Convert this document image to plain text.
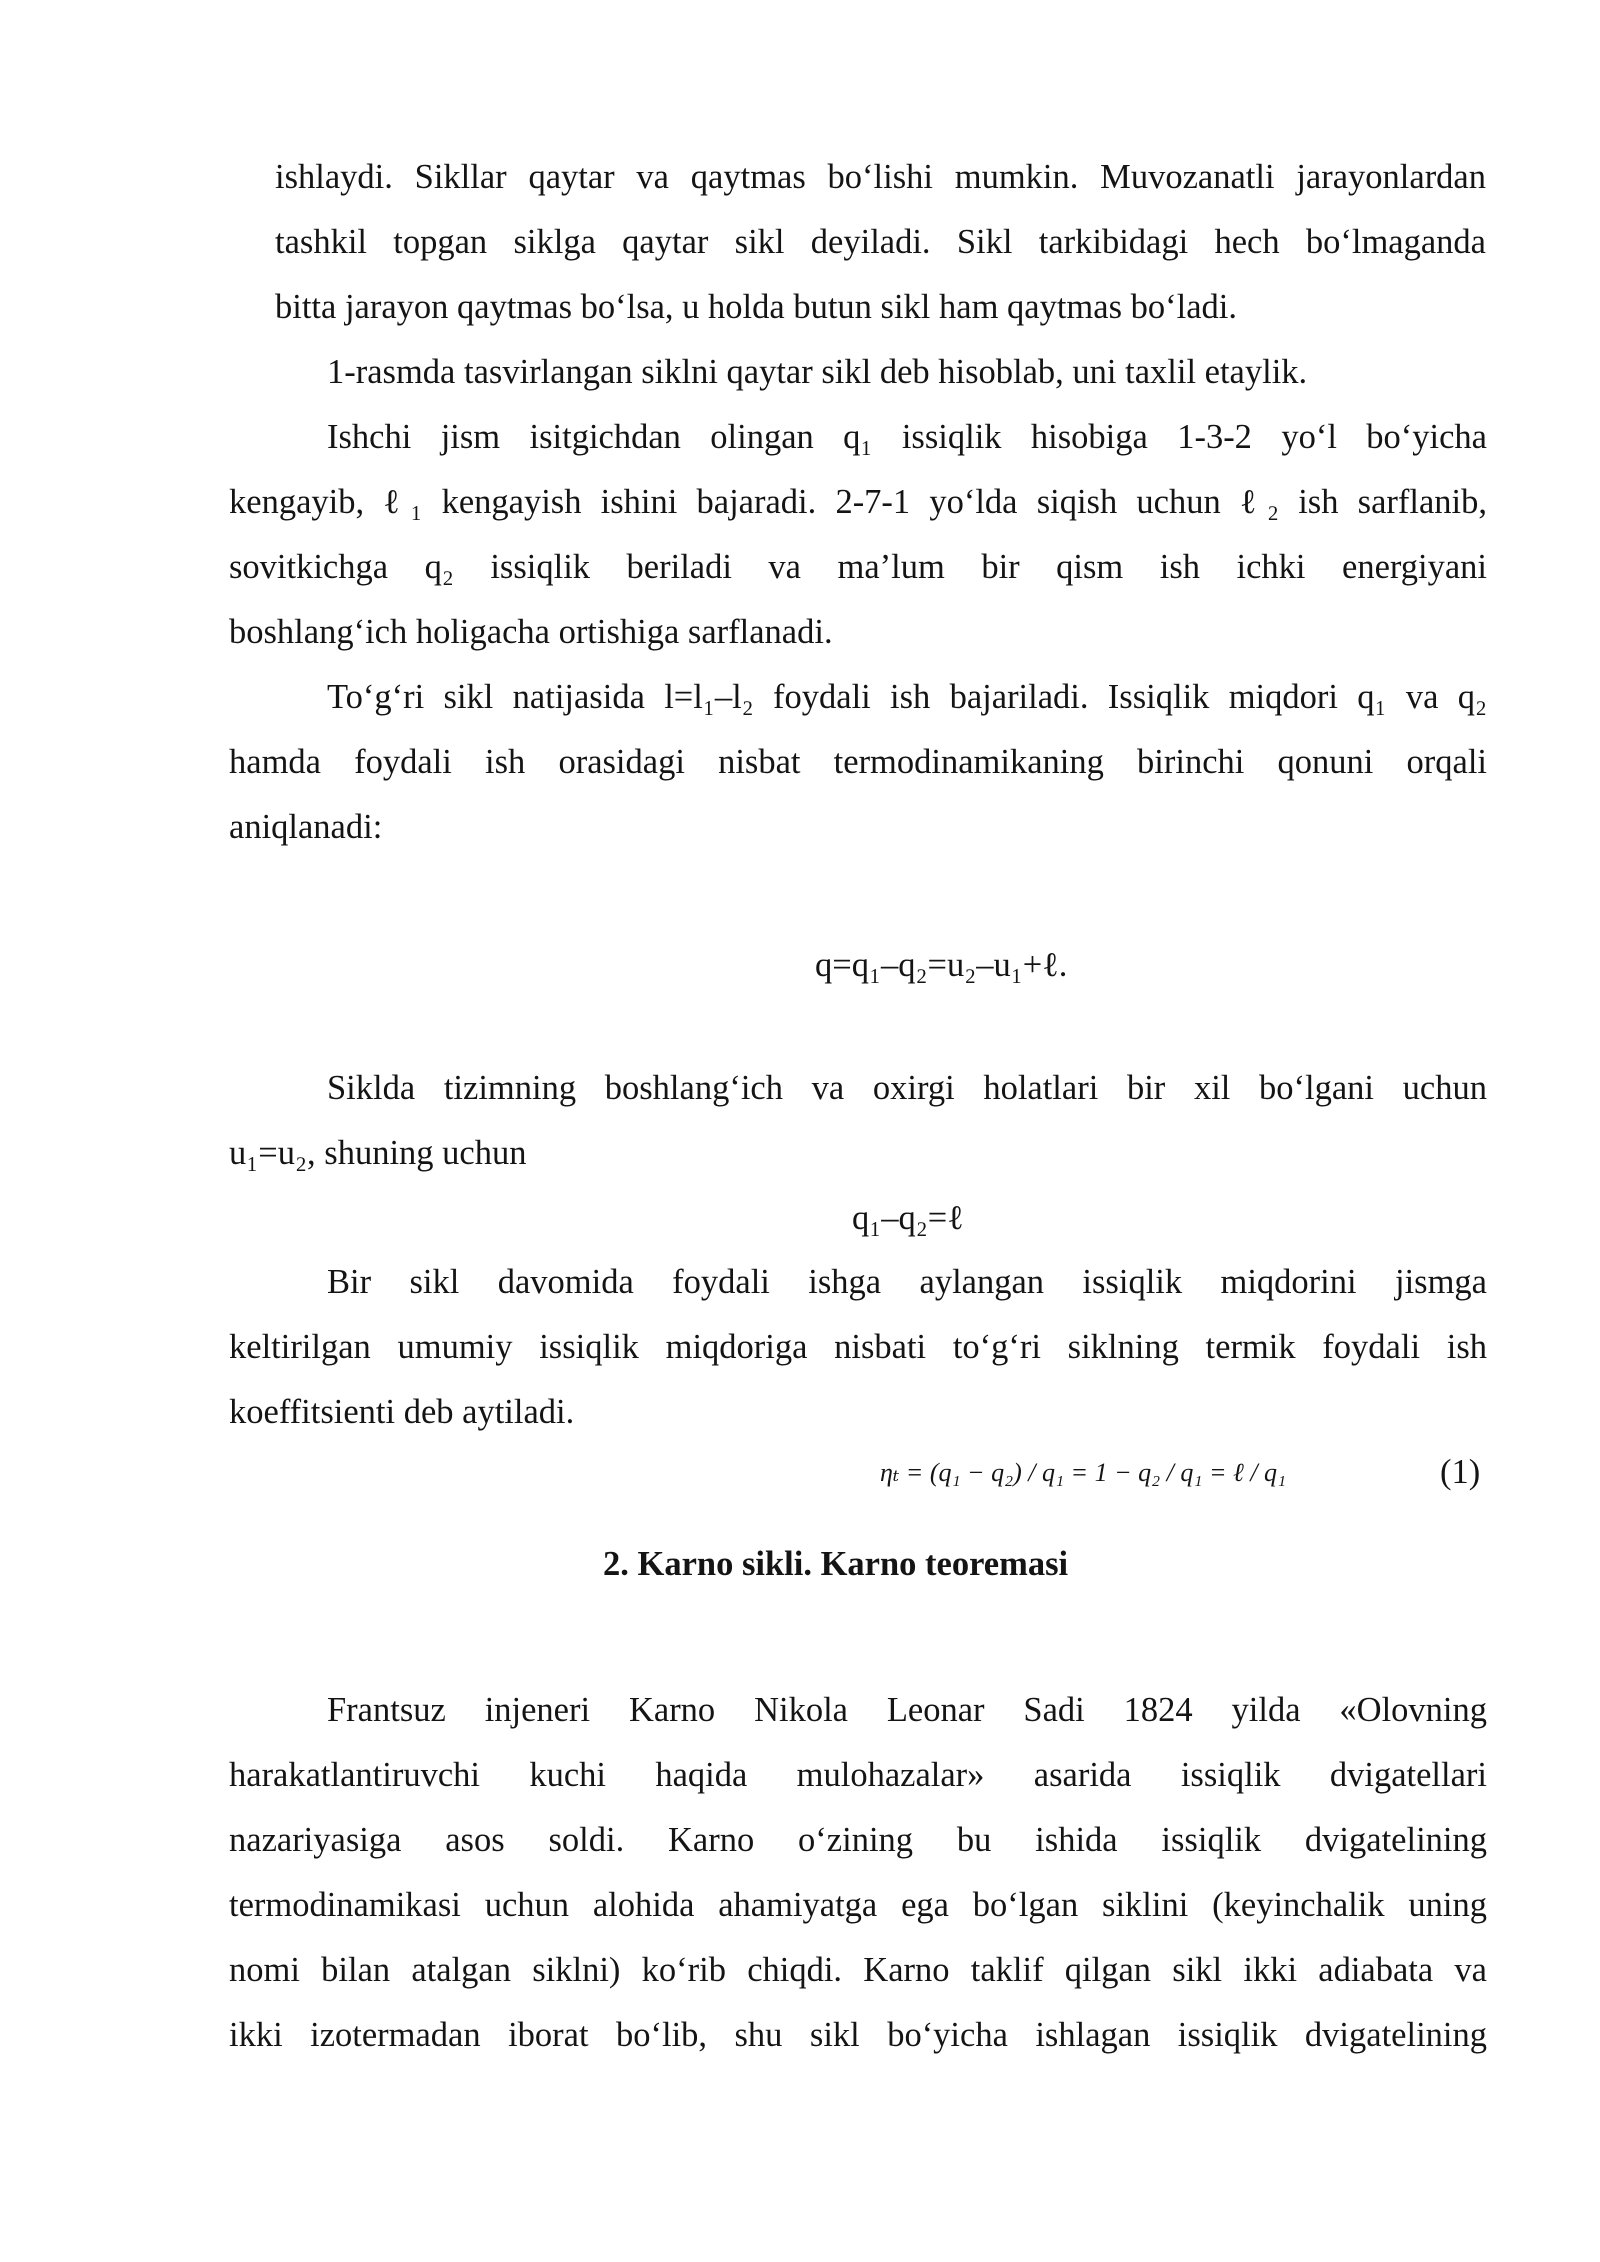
ishlaydi. Sikllar qaytar va qaytmas bo‘lishi mumkin. Muvozanatli jarayonlardan
tashkil topgan siklga qaytar sikl deyiladi. Sikl tarkibidagi hech bo‘lmaganda
bitta jarayon qaytmas bo‘lsa, u holda butun sikl ham qaytmas bo‘ladi.
1-rasmda tasvirlangan siklni qaytar sikl deb hisoblab, uni taxlil etaylik.
Ishchi jism isitgichdan olingan q₁ issiqlik hisobiga 1-3-2 yo‘l bo‘yicha
kengayib, ℓ₁ kengayish ishini bajaradi. 2-7-1 yo‘lda siqish uchun ℓ₂ ish sarflanib,
sovitkichga q₂ issiqlik beriladi va ma’lum bir qism ish ichki energiyani
boshlang‘ich holigacha ortishiga sarflanadi.
To‘g‘ri sikl natijasida l=l₁–l₂ foydali ish bajariladi. Issiqlik miqdori q₁ va q₂
hamda foydali ish orasidagi nisbat termodinamikaning birinchi qonuni orqali
aniqlanadi:
q=q₁–q₂=u₂–u₁+ℓ.
Siklda tizimning boshlang‘ich va oxirgi holatlari bir xil bo‘lgani uchun
u₁=u₂, shuning uchun
q₁–q₂=ℓ
Bir sikl davomida foydali ishga aylangan issiqlik miqdorini jismga
keltirilgan umumiy issiqlik miqdoriga nisbati to‘g‘ri siklning termik foydali ish
koeffitsienti deb aytiladi.
ηₜ = (q₁ − q₂) / q₁ = 1 − q₂ / q₁ = ℓ / q₁	(1)
2. Karno sikli. Karno teoremasi
Frantsuz injeneri Karno Nikola Leonar Sadi 1824 yilda «Olovning
harakatlantiruvchi kuchi haqida mulohazalar» asarida issiqlik dvigatellari
nazariyasiga asos soldi. Karno o‘zining bu ishida issiqlik dvigatelining
termodinamikasi uchun alohida ahamiyatga ega bo‘lgan siklini (keyinchalik uning
nomi bilan atalgan siklni) ko‘rib chiqdi. Karno taklif qilgan sikl ikki adiabata va
ikki izotermadan iborat bo‘lib, shu sikl bo‘yicha ishlagan issiqlik dvigatelining
